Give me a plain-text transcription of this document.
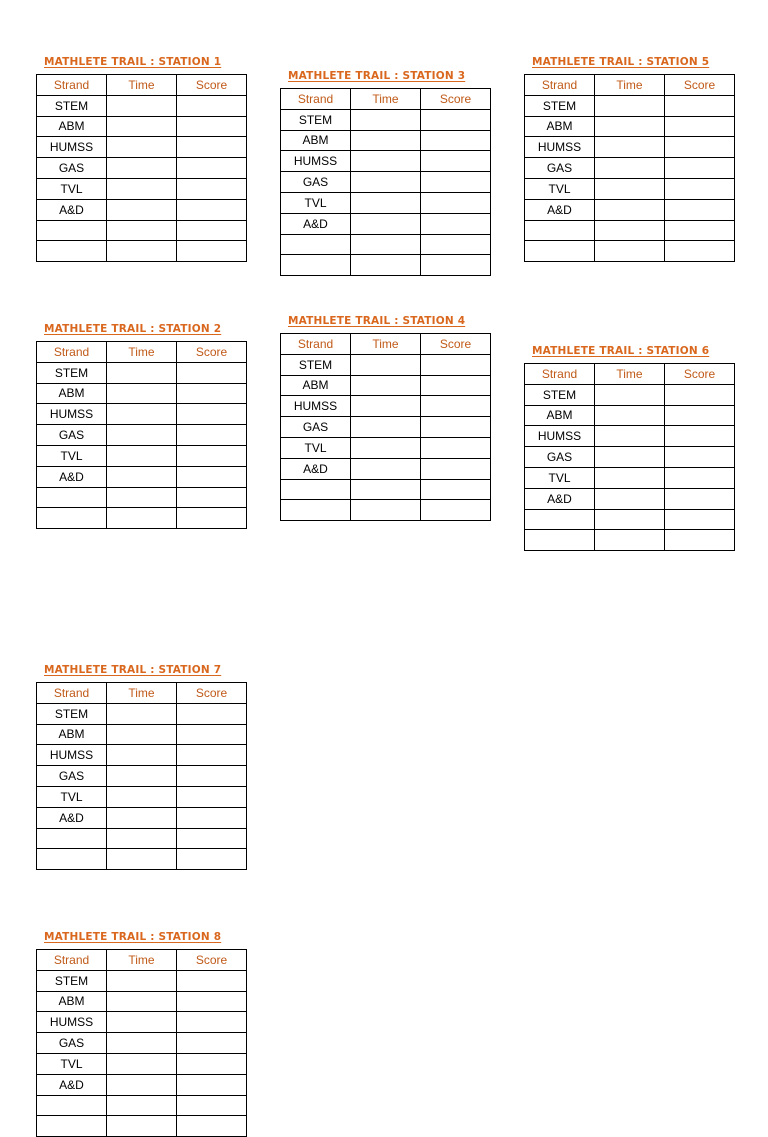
MATHLETE TRAIL : STATION 1
Strand	Time	Score
STEM		
ABM		
HUMSS		
GAS		
TVL		
A&D		

MATHLETE TRAIL : STATION 3
Strand	Time	Score
STEM		
ABM		
HUMSS		
GAS		
TVL		
A&D		

MATHLETE TRAIL : STATION 5
Strand	Time	Score
STEM		
ABM		
HUMSS		
GAS		
TVL		
A&D		

MATHLETE TRAIL : STATION 2
Strand	Time	Score
STEM		
ABM		
HUMSS		
GAS		
TVL		
A&D		

MATHLETE TRAIL : STATION 4
Strand	Time	Score
STEM		
ABM		
HUMSS		
GAS		
TVL		
A&D		

MATHLETE TRAIL : STATION 6
Strand	Time	Score
STEM		
ABM		
HUMSS		
GAS		
TVL		
A&D		

MATHLETE TRAIL : STATION 7
Strand	Time	Score
STEM		
ABM		
HUMSS		
GAS		
TVL		
A&D		

MATHLETE TRAIL : STATION 8
Strand	Time	Score
STEM		
ABM		
HUMSS		
GAS		
TVL		
A&D		
